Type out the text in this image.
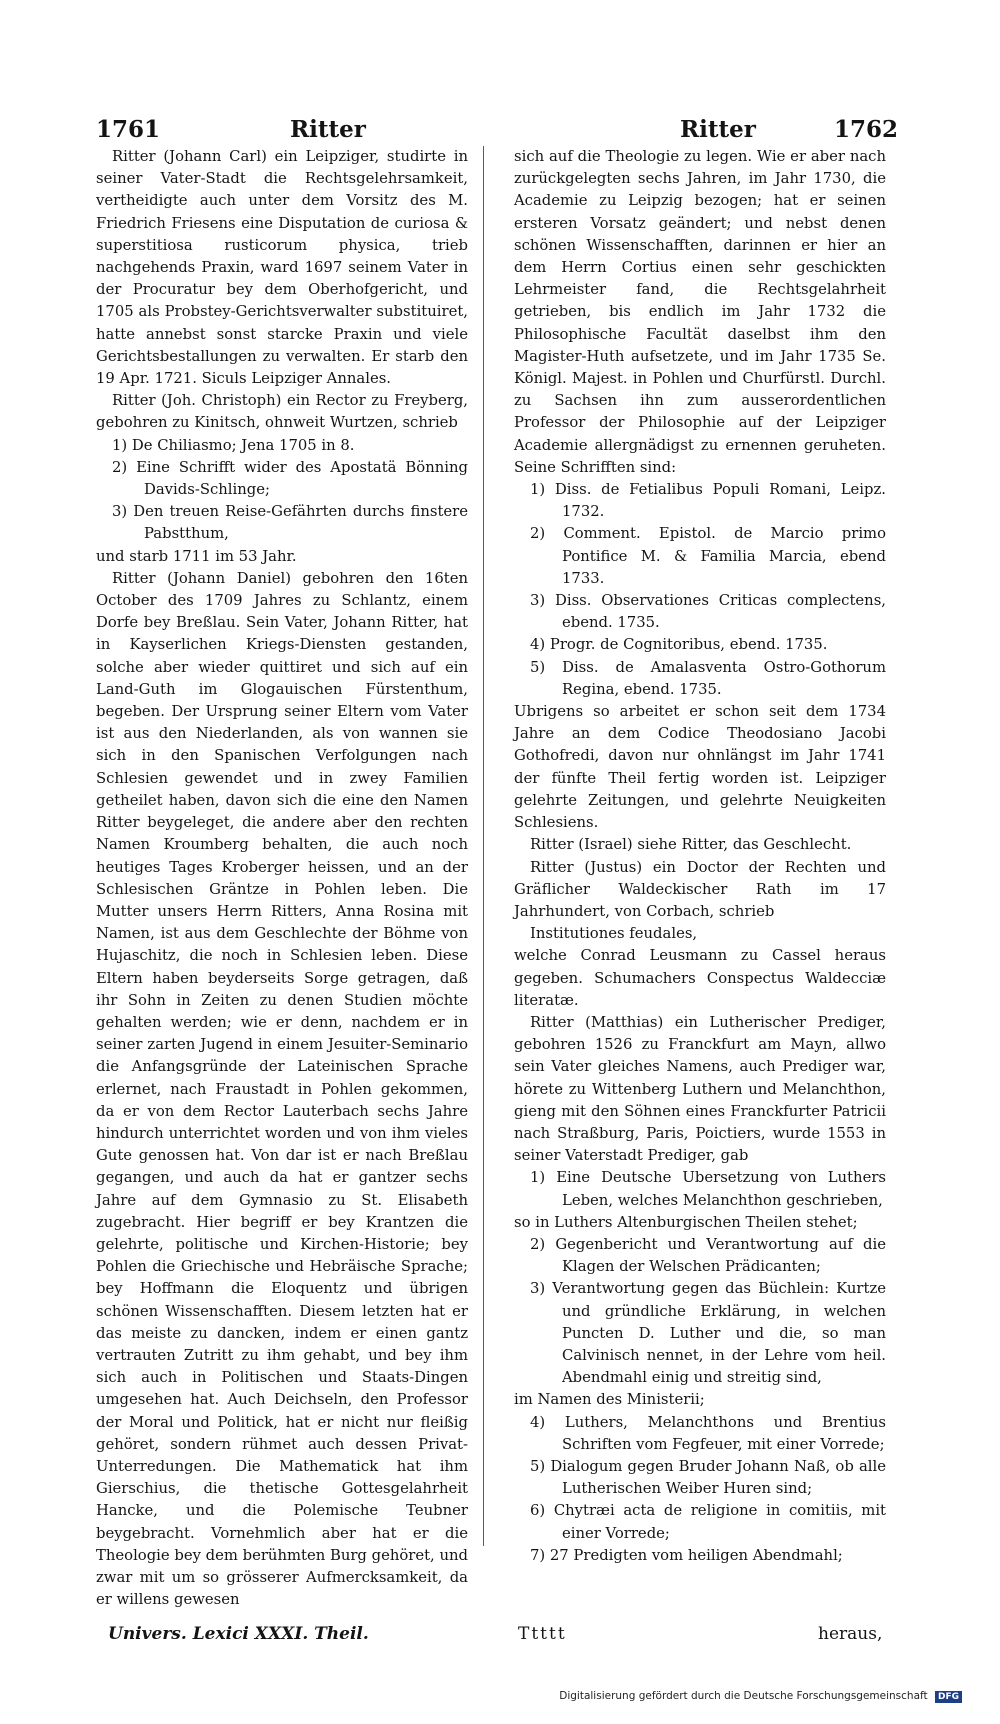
1761	Ritter	Ritter	1762

Ritter (Johann Carl) ein Leipziger, studirte in seiner Vater-Stadt die Rechtsgelehrsamkeit, vertheidigte auch unter dem Vorsitz des M. Friedrich Friesens eine Disputation de curiosa & superstitiosa rusticorum physica, trieb nachgehends Praxin, ward 1697 seinem Vater in der Procuratur bey dem Oberhofgericht, und 1705 als Probstey-Gerichtsverwalter substituiret, hatte annebst sonst starcke Praxin und viele Gerichtsbestallungen zu verwalten. Er starb den 19 Apr. 1721. Siculs Leipziger Annales.

Ritter (Joh. Christoph) ein Rector zu Freyberg, gebohren zu Kinitsch, ohnweit Wurtzen, schrieb

1) De Chiliasmo; Jena 1705 in 8.

2) Eine Schrifft wider des Apostatä Bönning Davids-Schlinge;

3) Den treuen Reise-Gefährten durchs finstere Pabstthum,

und starb 1711 im 53 Jahr.

Ritter (Johann Daniel) gebohren den 16ten October des 1709 Jahres zu Schlantz, einem Dorfe bey Breßlau. Sein Vater, Johann Ritter, hat in Kayserlichen Kriegs-Diensten gestanden, solche aber wieder quittiret und sich auf ein Land-Guth im Glogauischen Fürstenthum, begeben. Der Ursprung seiner Eltern vom Vater ist aus den Niederlanden, als von wannen sie sich in den Spanischen Verfolgungen nach Schlesien gewendet und in zwey Familien getheilet haben, davon sich die eine den Namen Ritter beygeleget, die andere aber den rechten Namen Kroumberg behalten, die auch noch heutiges Tages Kroberger heissen, und an der Schlesischen Gräntze in Pohlen leben. Die Mutter unsers Herrn Ritters, Anna Rosina mit Namen, ist aus dem Geschlechte der Böhme von Hujaschitz, die noch in Schlesien leben. Diese Eltern haben beyderseits Sorge getragen, daß ihr Sohn in Zeiten zu denen Studien möchte gehalten werden; wie er denn, nachdem er in seiner zarten Jugend in einem Jesuiter-Seminario die Anfangsgründe der Lateinischen Sprache erlernet, nach Fraustadt in Pohlen gekommen, da er von dem Rector Lauterbach sechs Jahre hindurch unterrichtet worden und von ihm vieles Gute genossen hat. Von dar ist er nach Breßlau gegangen, und auch da hat er gantzer sechs Jahre auf dem Gymnasio zu St. Elisabeth zugebracht. Hier begriff er bey Krantzen die gelehrte, politische und Kirchen-Historie; bey Pohlen die Griechische und Hebräische Sprache; bey Hoffmann die Eloquentz und übrigen schönen Wissenschafften. Diesem letzten hat er das meiste zu dancken, indem er einen gantz vertrauten Zutritt zu ihm gehabt, und bey ihm sich auch in Politischen und Staats-Dingen umgesehen hat. Auch Deichseln, den Professor der Moral und Politick, hat er nicht nur fleißig gehöret, sondern rühmet auch dessen Privat-Unterredungen. Die Mathematick hat ihm Gierschius, die thetische Gottesgelahrheit Hancke, und die Polemische Teubner beygebracht. Vornehmlich aber hat er die Theologie bey dem berühmten Burg gehöret, und zwar mit um so grösserer Aufmercksamkeit, da er willens gewesen

sich auf die Theologie zu legen. Wie er aber nach zurückgelegten sechs Jahren, im Jahr 1730, die Academie zu Leipzig bezogen; hat er seinen ersteren Vorsatz geändert; und nebst denen schönen Wissenschafften, darinnen er hier an dem Herrn Cortius einen sehr geschickten Lehrmeister fand, die Rechtsgelahrheit getrieben, bis endlich im Jahr 1732 die Philosophische Facultät daselbst ihm den Magister-Huth aufsetzete, und im Jahr 1735 Se. Königl. Majest. in Pohlen und Churfürstl. Durchl. zu Sachsen ihn zum ausserordentlichen Professor der Philosophie auf der Leipziger Academie allergnädigst zu ernennen geruheten. Seine Schrifften sind:

1) Diss. de Fetialibus Populi Romani, Leipz. 1732.

2) Comment. Epistol. de Marcio primo Pontifice M. & Familia Marcia, ebend 1733.

3) Diss. Observationes Criticas complectens, ebend. 1735.

4) Progr. de Cognitoribus, ebend. 1735.

5) Diss. de Amalasventa Ostro-Gothorum Regina, ebend. 1735.

Ubrigens so arbeitet er schon seit dem 1734 Jahre an dem Codice Theodosiano Jacobi Gothofredi, davon nur ohnlängst im Jahr 1741 der fünfte Theil fertig worden ist. Leipziger gelehrte Zeitungen, und gelehrte Neuigkeiten Schlesiens.

Ritter (Israel) siehe Ritter, das Geschlecht.

Ritter (Justus) ein Doctor der Rechten und Gräflicher Waldeckischer Rath im 17 Jahrhundert, von Corbach, schrieb

Institutiones feudales,

welche Conrad Leusmann zu Cassel heraus gegeben. Schumachers Conspectus Waldecciæ literatæ.

Ritter (Matthias) ein Lutherischer Prediger, gebohren 1526 zu Franckfurt am Mayn, allwo sein Vater gleiches Namens, auch Prediger war, hörete zu Wittenberg Luthern und Melanchthon, gieng mit den Söhnen eines Franckfurter Patricii nach Straßburg, Paris, Poictiers, wurde 1553 in seiner Vaterstadt Prediger, gab

1) Eine Deutsche Ubersetzung von Luthers Leben, welches Melanchthon geschrieben,

so in Luthers Altenburgischen Theilen stehet;

2) Gegenbericht und Verantwortung auf die Klagen der Welschen Prädicanten;

3) Verantwortung gegen das Büchlein: Kurtze und gründliche Erklärung, in welchen Puncten D. Luther und die, so man Calvinisch nennet, in der Lehre vom heil. Abendmahl einig und streitig sind,

im Namen des Ministerii;

4) Luthers, Melanchthons und Brentius Schriften vom Fegfeuer, mit einer Vorrede;

5) Dialogum gegen Bruder Johann Naß, ob alle Lutherischen Weiber Huren sind;

6) Chytræi acta de religione in comitiis, mit einer Vorrede;

7) 27 Predigten vom heiligen Abendmahl;

Univers. Lexici XXXI. Theil.	Ttttt	heraus,
Digitalisierung gefördert durch die Deutsche Forschungsgemeinschaft DFG
